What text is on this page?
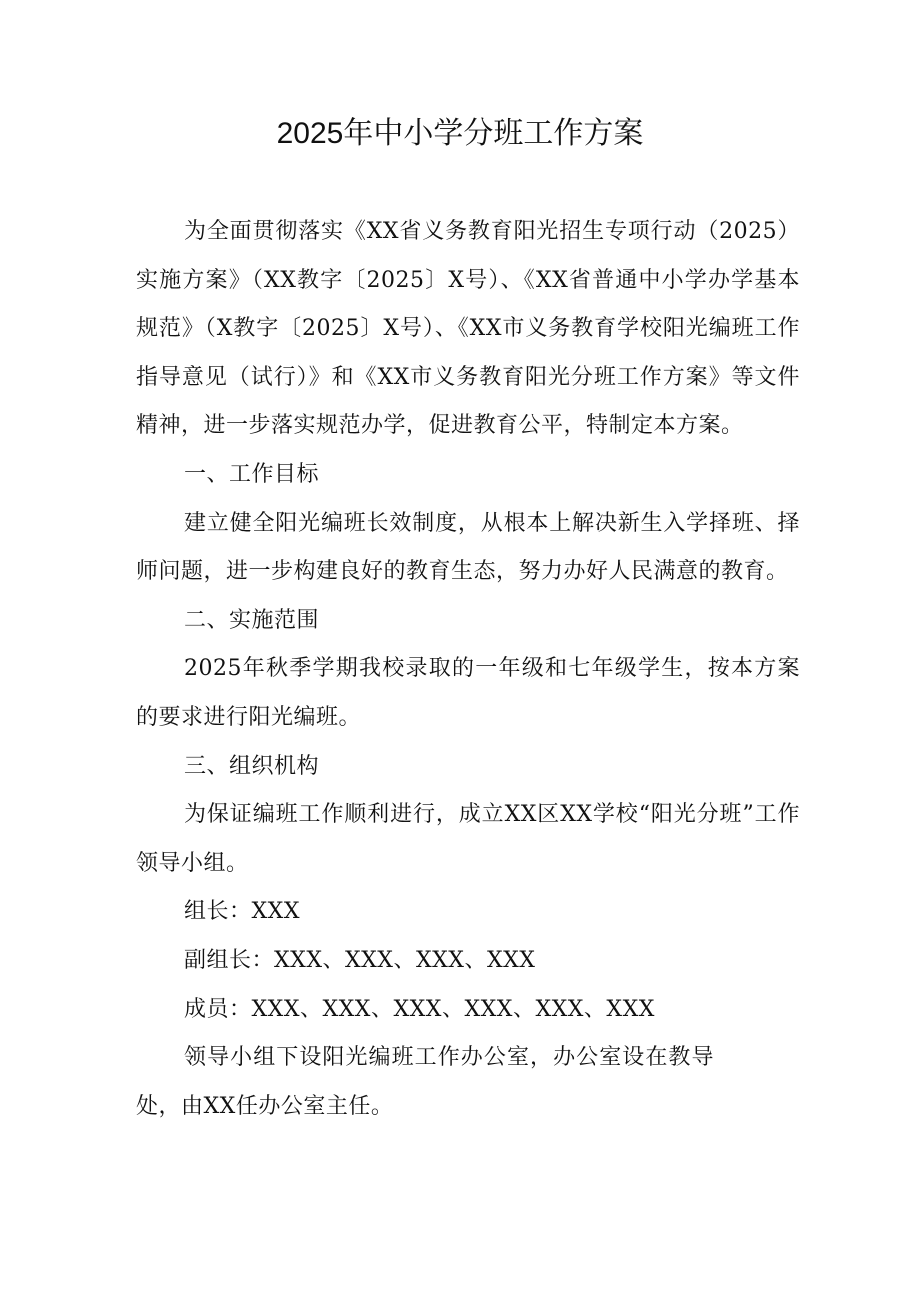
2025年中小学分班工作方案

为全面贯彻落实《XX省义务教育阳光招生专项行动（2025）实施方案》（XX教字〔2025〕X号）、《XX省普通中小学办学基本规范》（X教字〔2025〕X号）、《XX市义务教育学校阳光编班工作指导意见（试行）》和《XX市义务教育阳光分班工作方案》等文件精神，进一步落实规范办学，促进教育公平，特制定本方案。

一、工作目标

建立健全阳光编班长效制度，从根本上解决新生入学择班、择师问题，进一步构建良好的教育生态，努力办好人民满意的教育。

二、实施范围

2025年秋季学期我校录取的一年级和七年级学生，按本方案的要求进行阳光编班。

三、组织机构

为保证编班工作顺利进行，成立XX区XX学校“阳光分班”工作领导小组。

组长：XXX

副组长：XXX、XXX、XXX、XXX

成员：XXX、XXX、XXX、XXX、XXX、XXX

领导小组下设阳光编班工作办公室，办公室设在教导处，由XX任办公室主任。
